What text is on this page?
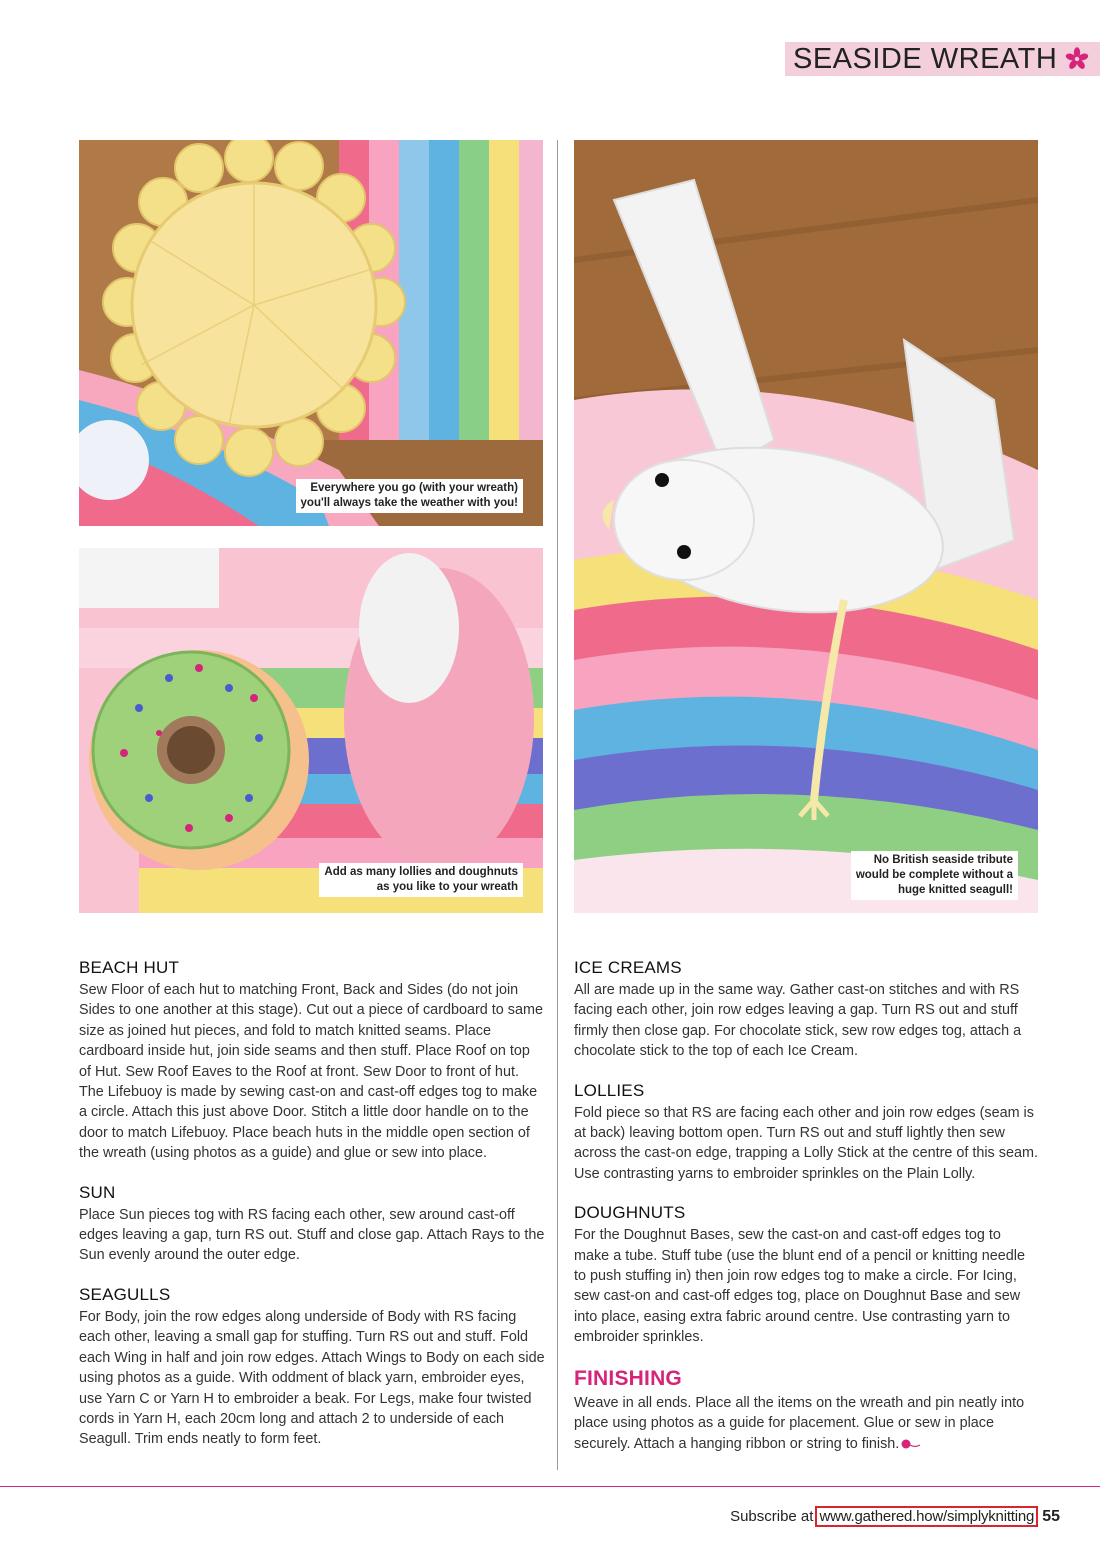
SEASIDE WREATH
Everywhere you go (with your wreath)
you'll always take the weather with you!
Add as many lollies and doughnuts
as you like to your wreath
No British seaside tribute
would be complete without a
huge knitted seagull!
BEACH HUT

Sew Floor of each hut to matching Front, Back and Sides (do not join Sides to one another at this stage). Cut out a piece of cardboard to same size as joined hut pieces, and fold to match knitted seams. Place cardboard inside hut, join side seams and then stuff. Place Roof on top of Hut. Sew Roof Eaves to the Roof at front. Sew Door to front of hut. The Lifebuoy is made by sewing cast-on and cast-off edges tog to make a circle. Attach this just above Door. Stitch a little door handle on to the door to match Lifebuoy. Place beach huts in the middle open section of the wreath (using photos as a guide) and glue or sew into place.

SUN

Place Sun pieces tog with RS facing each other, sew around cast-off edges leaving a gap, turn RS out. Stuff and close gap. Attach Rays to the Sun evenly around the outer edge.

SEAGULLS

For Body, join the row edges along underside of Body with RS facing each other, leaving a small gap for stuffing. Turn RS out and stuff. Fold each Wing in half and join row edges. Attach Wings to Body on each side using photos as a guide. With oddment of black yarn, embroider eyes, use Yarn C or Yarn H to embroider a beak. For Legs, make four twisted cords in Yarn H, each 20cm long and attach 2 to underside of each Seagull. Trim ends neatly to form feet.

ICE CREAMS

All are made up in the same way. Gather cast-on stitches and with RS facing each other, join row edges leaving a gap. Turn RS out and stuff firmly then close gap. For chocolate stick, sew row edges tog, attach a chocolate stick to the top of each Ice Cream.

LOLLIES

Fold piece so that RS are facing each other and join row edges (seam is at back) leaving bottom open. Turn RS out and stuff lightly then sew across the cast-on edge, trapping a Lolly Stick at the centre of this seam. Use contrasting yarns to embroider sprinkles on the Plain Lolly.

DOUGHNUTS

For the Doughnut Bases, sew the cast-on and cast-off edges tog to make a tube. Stuff tube (use the blunt end of a pencil or knitting needle to push stuffing in) then join row edges tog to make a circle. For Icing, sew cast-on and cast-off edges tog, place on Doughnut Base and sew into place, easing extra fabric around centre. Use contrasting yarn to embroider sprinkles.

FINISHING

Weave in all ends. Place all the items on the wreath and pin neatly into place using photos as a guide for placement. Glue or sew in place securely. Attach a hanging ribbon or string to finish.

Subscribe at www.gathered.how/simplyknitting 55
